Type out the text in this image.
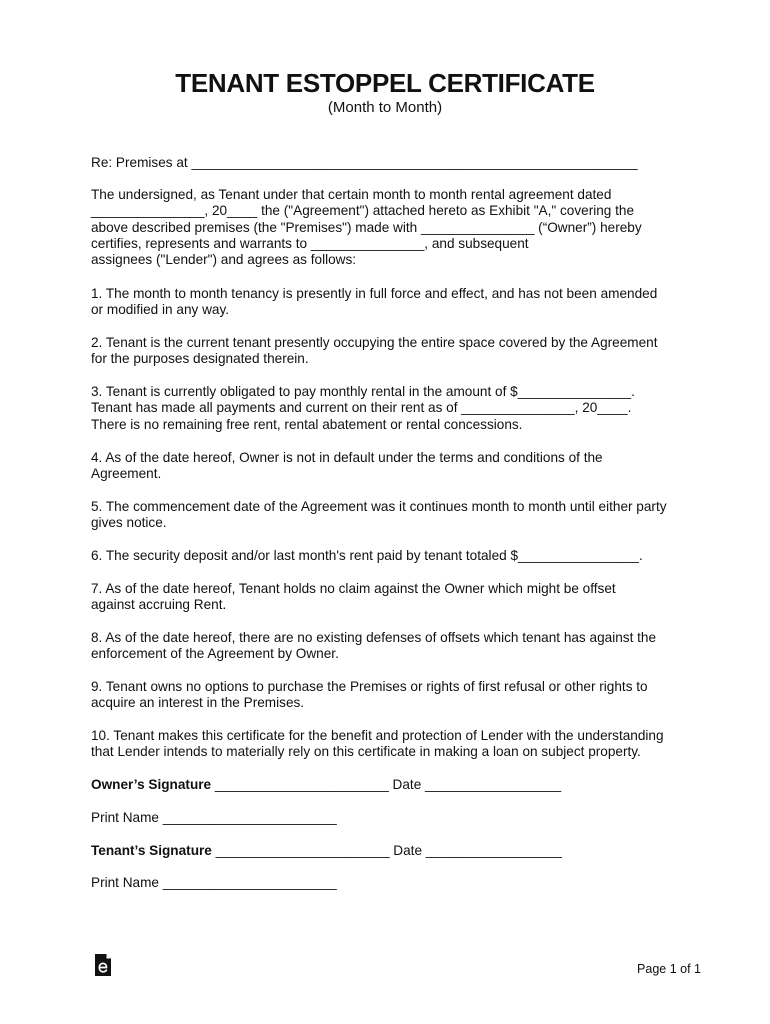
TENANT ESTOPPEL CERTIFICATE
(Month to Month)
Re: Premises at ___________________________________________________________
The undersigned, as Tenant under that certain month to month rental agreement dated
_______________, 20____ the ("Agreement") attached hereto as Exhibit "A," covering the
above described premises (the "Premises") made with _______________ (“Owner”) hereby
certifies, represents and warrants to _______________, and subsequent
assignees ("Lender") and agrees as follows:
1. The month to month tenancy is presently in full force and effect, and has not been amended
or modified in any way.
2. Tenant is the current tenant presently occupying the entire space covered by the Agreement
for the purposes designated therein.
3. Tenant is currently obligated to pay monthly rental in the amount of $_______________.
Tenant has made all payments and current on their rent as of _______________, 20____.
There is no remaining free rent, rental abatement or rental concessions.
4. As of the date hereof, Owner is not in default under the terms and conditions of the
Agreement.
5. The commencement date of the Agreement was it continues month to month until either party
gives notice.
6. The security deposit and/or last month's rent paid by tenant totaled $________________.
7. As of the date hereof, Tenant holds no claim against the Owner which might be offset
against accruing Rent.
8. As of the date hereof, there are no existing defenses of offsets which tenant has against the
enforcement of the Agreement by Owner.
9. Tenant owns no options to purchase the Premises or rights of first refusal or other rights to
acquire an interest in the Premises.
10. Tenant makes this certificate for the benefit and protection of Lender with the understanding
that Lender intends to materially rely on this certificate in making a loan on subject property.
Owner’s Signature _______________________ Date __________________
Print Name _______________________
Tenant’s Signature _______________________ Date __________________
Print Name _______________________
Page 1 of 1
